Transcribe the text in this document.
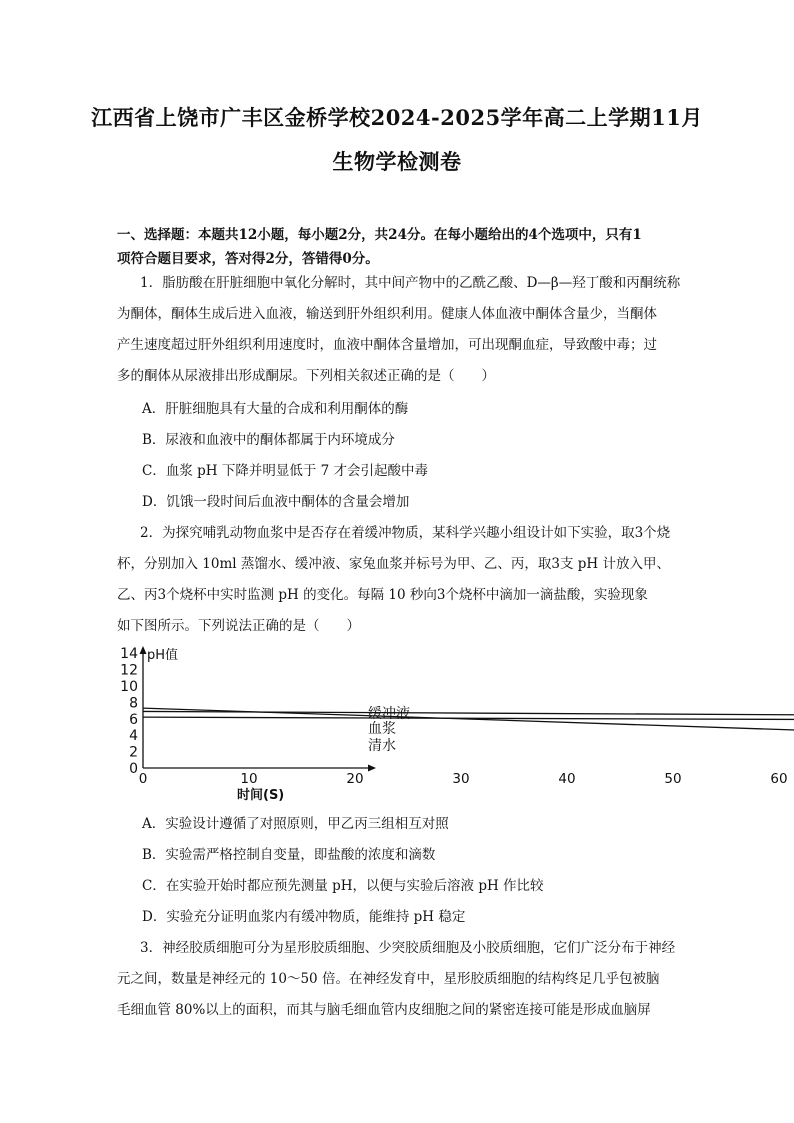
江西省上饶市广丰区金桥学校2024-2025学年高二上学期11月
生物学检测卷
一、选择题：本题共12小题，每小题2分，共24分。在每小题给出的4个选项中，只有1
项符合题目要求，答对得2分，答错得0分。
1．脂肪酸在肝脏细胞中氧化分解时，其中间产物中的乙酰乙酸、D—β—羟丁酸和丙酮统称
为酮体，酮体生成后进入血液，输送到肝外组织利用。健康人体血液中酮体含量少，当酮体
产生速度超过肝外组织利用速度时，血液中酮体含量增加，可出现酮血症，导致酸中毒；过
多的酮体从尿液排出形成酮尿。下列相关叙述正确的是（　　）
A．肝脏细胞具有大量的合成和利用酮体的酶
B．尿液和血液中的酮体都属于内环境成分
C．血浆 pH 下降并明显低于 7 才会引起酸中毒
D．饥饿一段时间后血液中酮体的含量会增加
2．为探究哺乳动物血浆中是否存在着缓冲物质，某科学兴趣小组设计如下实验，取3个烧
杯，分别加入 10ml 蒸馏水、缓冲液、家兔血浆并标号为甲、乙、丙，取3支 pH 计放入甲、
乙、丙3个烧杯中实时监测 pH 的变化。每隔 10 秒向3个烧杯中滴加一滴盐酸，实验现象
如下图所示。下列说法正确的是（　　）
0
2
4
6
8
10
12
14
0	10	20	30	40	50	60
缓冲液
血浆
清水
pH值
时间(S)
A．实验设计遵循了对照原则，甲乙丙三组相互对照
B．实验需严格控制自变量，即盐酸的浓度和滴数
C．在实验开始时都应预先测量 pH，以便与实验后溶液 pH 作比较
D．实验充分证明血浆内有缓冲物质，能维持 pH 稳定
3．神经胶质细胞可分为星形胶质细胞、少突胶质细胞及小胶质细胞，它们广泛分布于神经
元之间，数量是神经元的 10～50 倍。在神经发育中，星形胶质细胞的结构终足几乎包被脑
毛细血管 80%以上的面积，而其与脑毛细血管内皮细胞之间的紧密连接可能是形成血脑屏
